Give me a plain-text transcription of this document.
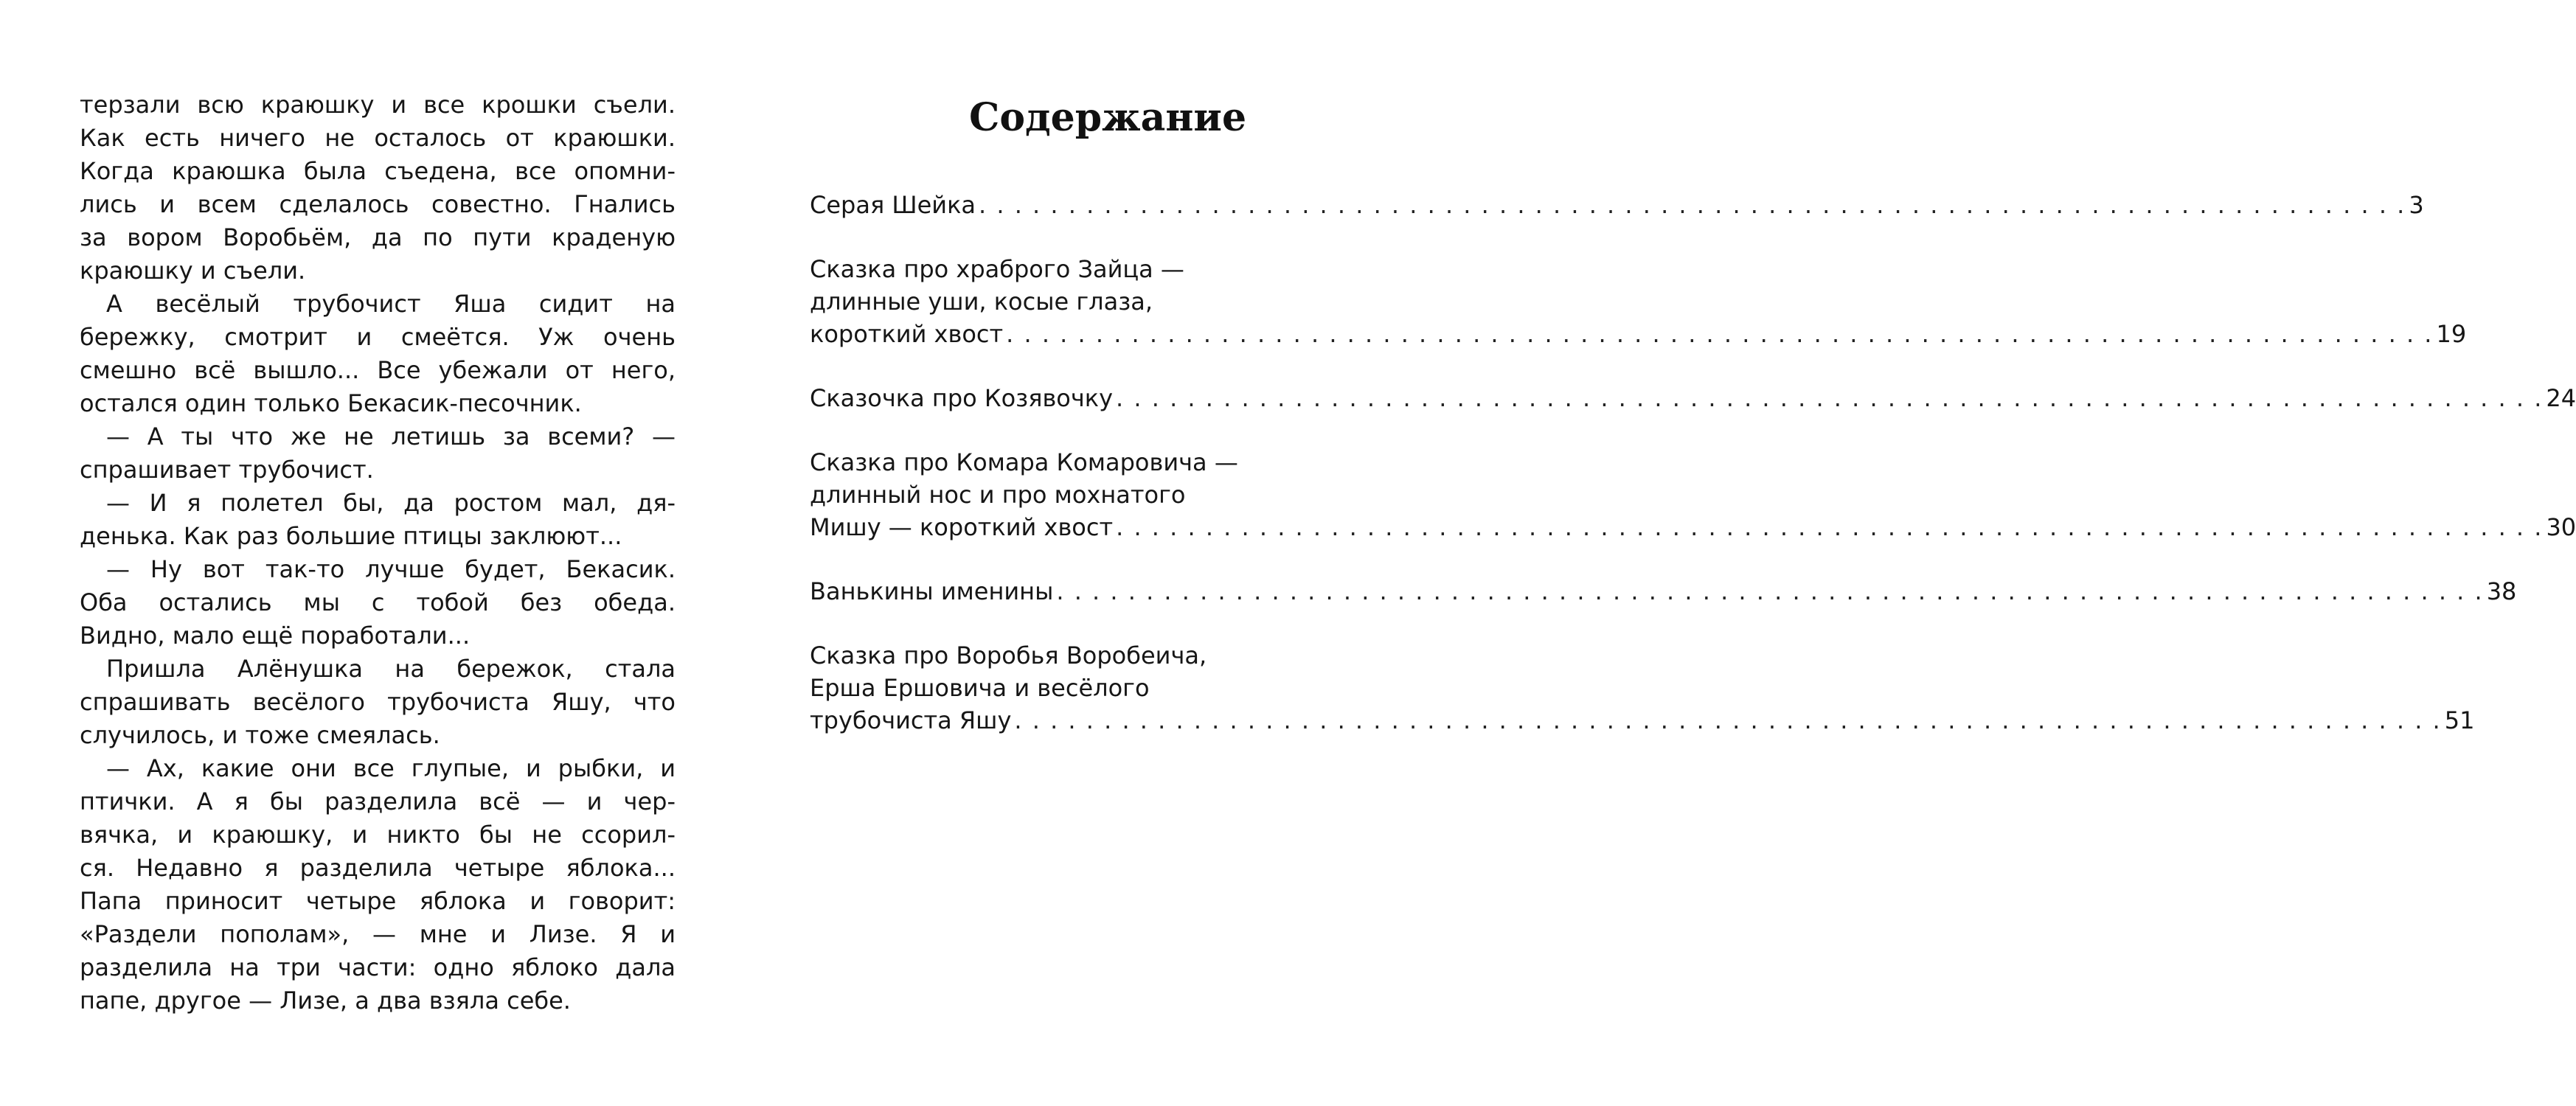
терзали всю краюшку и все крошки съели.
Как есть ничего не осталось от краюшки.
Когда краюшка была съедена, все опомни-
лись и всем сделалось совестно. Гнались
за вором Воробьём, да по пути краденую
краюшку и съели.
А весёлый трубочист Яша сидит на
бережку, смотрит и смеётся. Уж очень
смешно всё вышло... Все убежали от него,
остался один только Бекасик-песочник.
— А ты что же не летишь за всеми? —
спрашивает трубочист.
— И я полетел бы, да ростом мал, дя-
денька. Как раз большие птицы заклюют...
— Ну вот так-то лучше будет, Бекасик.
Оба остались мы с тобой без обеда.
Видно, мало ещё поработали...
Пришла Алёнушка на бережок, стала
спрашивать весёлого трубочиста Яшу, что
случилось, и тоже смеялась.
— Ах, какие они все глупые, и рыбки, и
птички. А я бы разделила всё — и чер-
вячка, и краюшку, и никто бы не ссорил-
ся. Недавно я разделила четыре яблока...
Папа приносит четыре яблока и говорит:
«Раздели пополам», — мне и Лизе. Я и
разделила на три части: одно яблоко дала
папе, другое — Лизе, а два взяла себе.
Содержание
Серая Шейка . . . . . . . . . . . . . . . . . . . . . . . . . . . . . . . . . . . . . . . . . . . . . . . . . . . . . . . . . . . . . . . . . . . . . . . . . . . . . . . . 3
Сказка про храброго Зайца —
длинные уши, косые глаза,
короткий хвост . . . . . . . . . . . . . . . . . . . . . . . . . . . . . . . . . . . . . . . . . . . . . . . . . . . . . . . . . . . . . . . . . . . . . . . . . . . . . . . . 19
Сказочка про Козявочку . . . . . . . . . . . . . . . . . . . . . . . . . . . . . . . . . . . . . . . . . . . . . . . . . . . . . . . . . . . . . . . . . . . . . . . . . . . . . . . . 24
Сказка про Комара Комаровича —
длинный нос и про мохнатого
Мишу — короткий хвост . . . . . . . . . . . . . . . . . . . . . . . . . . . . . . . . . . . . . . . . . . . . . . . . . . . . . . . . . . . . . . . . . . . . . . . . . . . . . . . . 30
Ванькины именины . . . . . . . . . . . . . . . . . . . . . . . . . . . . . . . . . . . . . . . . . . . . . . . . . . . . . . . . . . . . . . . . . . . . . . . . . . . . . . . . 38
Сказка про Воробья Воробеича,
Ерша Ершовича и весёлого
трубочиста Яшу . . . . . . . . . . . . . . . . . . . . . . . . . . . . . . . . . . . . . . . . . . . . . . . . . . . . . . . . . . . . . . . . . . . . . . . . . . . . . . . . 51
